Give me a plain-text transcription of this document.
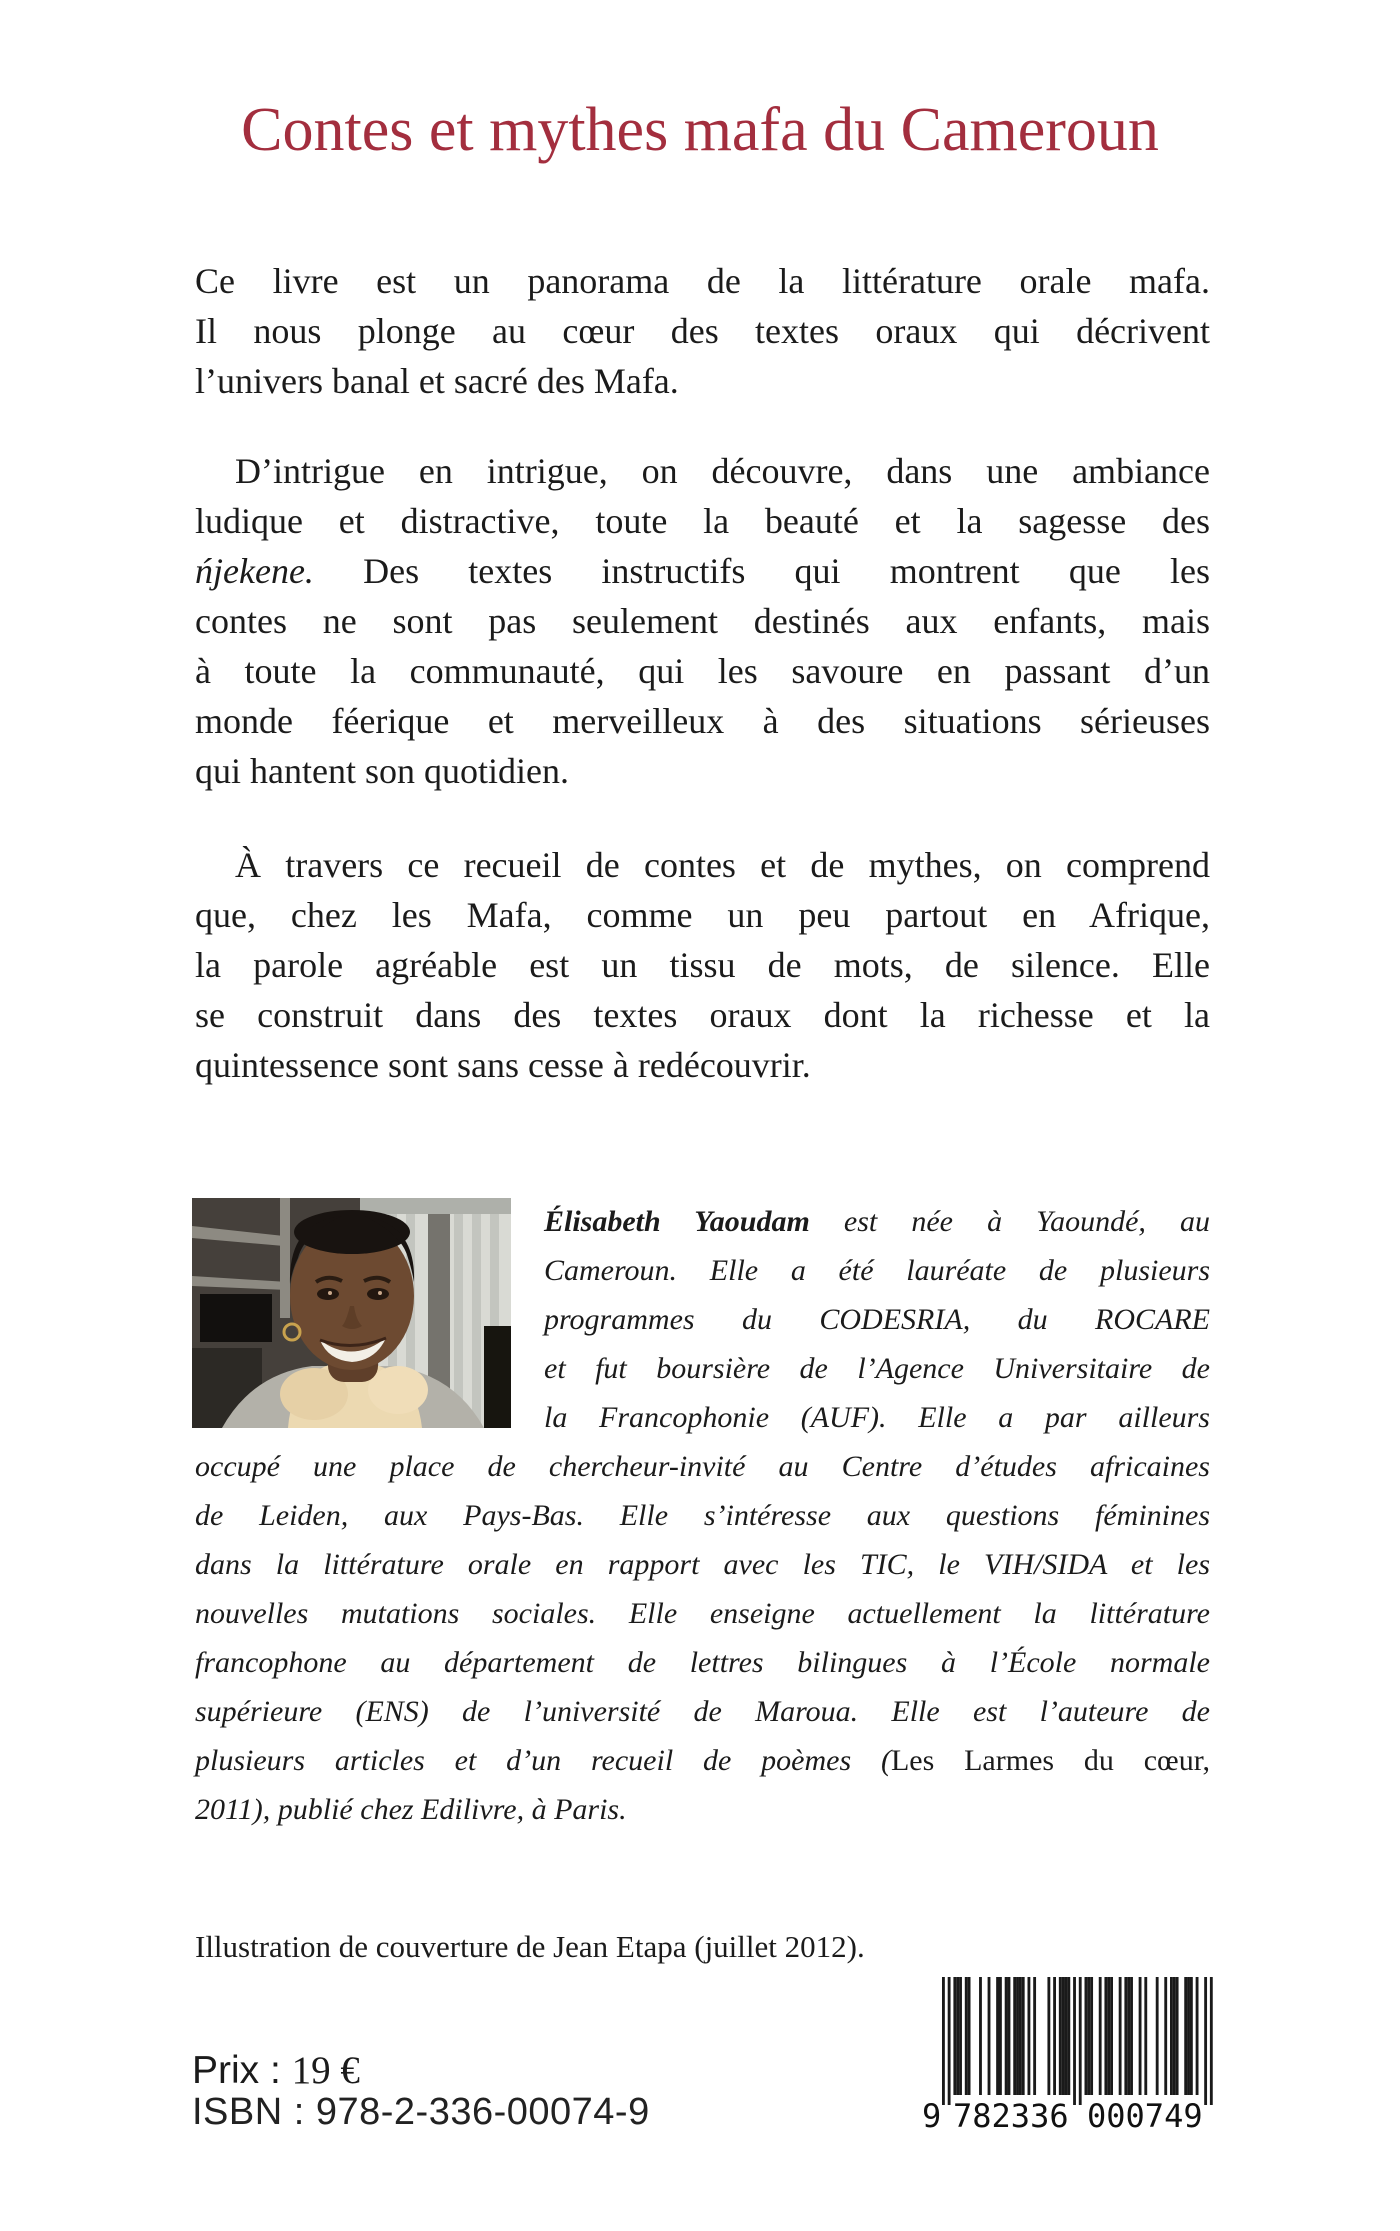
Contes et mythes mafa du Cameroun
Ce livre est un panorama de la littérature orale mafa.
Il nous plonge au cœur des textes oraux qui décrivent
l’univers banal et sacré des Mafa.
D’intrigue en intrigue, on découvre, dans une ambiance
ludique et distractive, toute la beauté et la sagesse des
ńjekene. Des textes instructifs qui montrent que les
contes ne sont pas seulement destinés aux enfants, mais
à toute la communauté, qui les savoure en passant d’un
monde féerique et merveilleux à des situations sérieuses
qui hantent son quotidien.
À travers ce recueil de contes et de mythes, on comprend
que, chez les Mafa, comme un peu partout en Afrique,
la parole agréable est un tissu de mots, de silence. Elle
se construit dans des textes oraux dont la richesse et la
quintessence sont sans cesse à redécouvrir.
Élisabeth Yaoudam est née à Yaoundé, au
Cameroun. Elle a été lauréate de plusieurs
programmes du CODESRIA, du ROCARE
et fut boursière de l’Agence Universitaire de
la Francophonie (AUF). Elle a par ailleurs
occupé une place de chercheur-invité au Centre d’études africaines
de Leiden, aux Pays-Bas. Elle s’intéresse aux questions féminines
dans la littérature orale en rapport avec les TIC, le VIH/SIDA et les
nouvelles mutations sociales. Elle enseigne actuellement la littérature
francophone au département de lettres bilingues à l’École normale
supérieure (ENS) de l’université de Maroua. Elle est l’auteure de
plusieurs articles et d’un recueil de poèmes (Les Larmes du cœur,
2011), publié chez Edilivre, à Paris.
Illustration de couverture de Jean Etapa (juillet 2012).
Prix : 19 €
ISBN : 978-2-336-00074-9	9 782336 000749
